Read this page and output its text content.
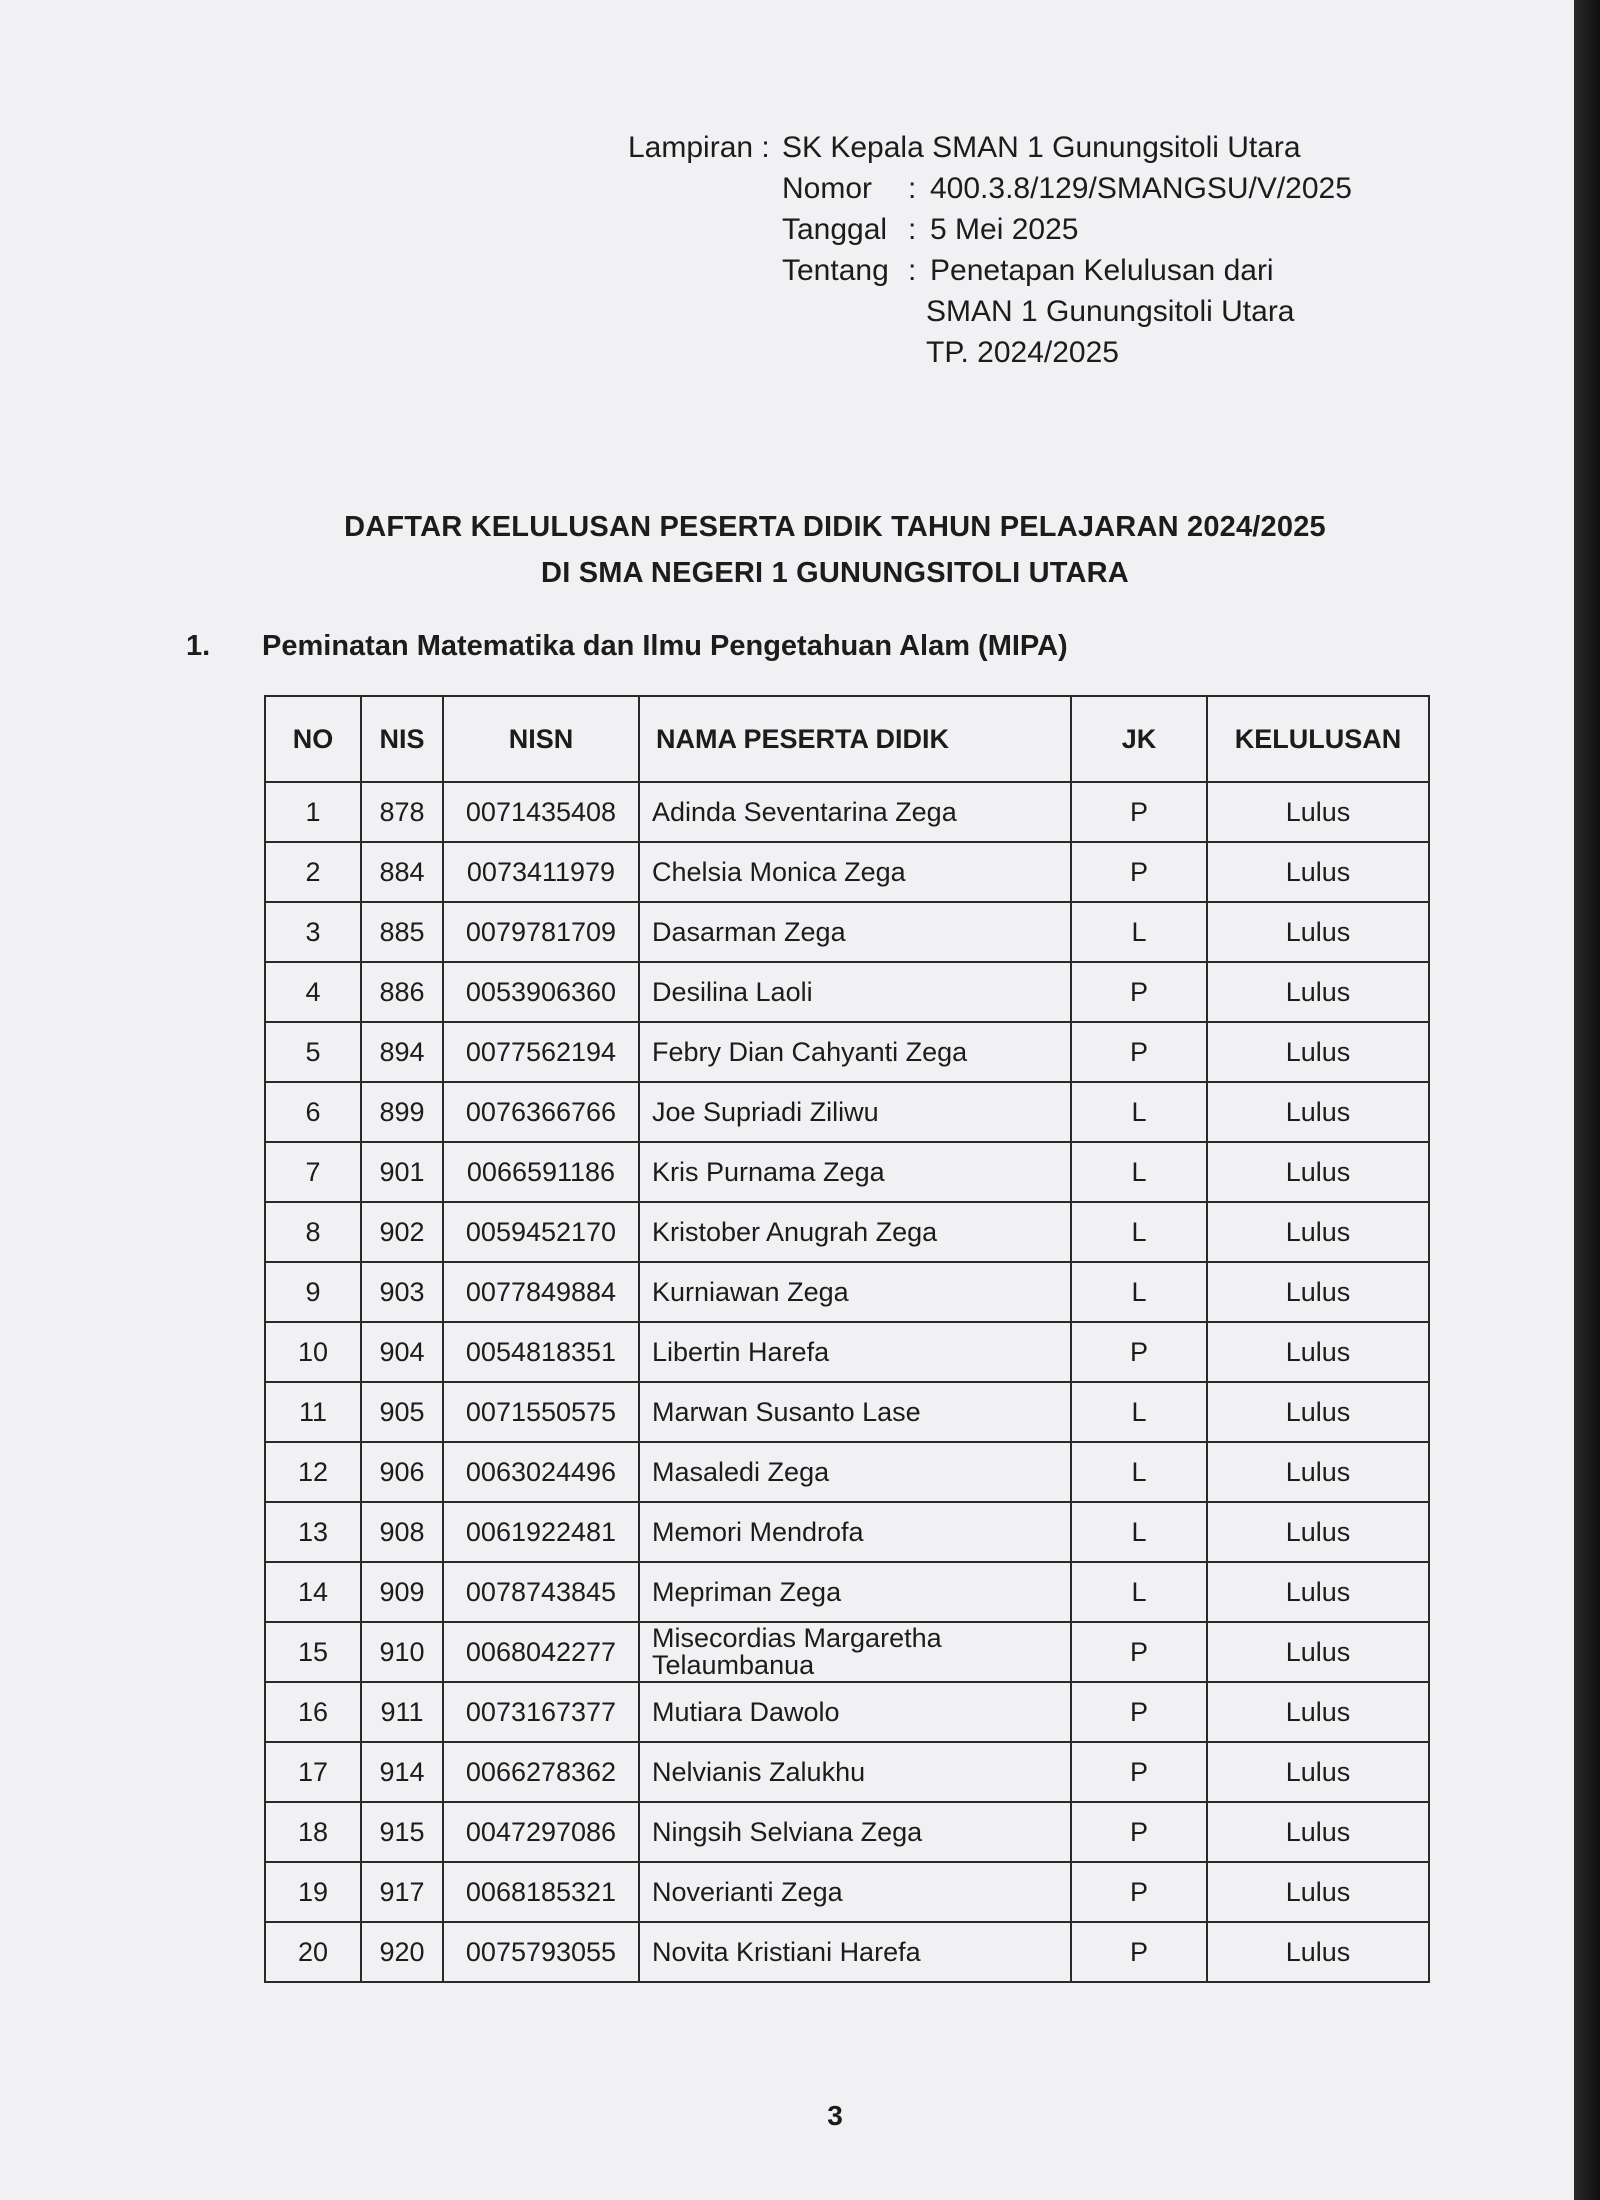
Lampiran : SK Kepala SMAN 1 Gunungsitoli Utara
Nomor	: 400.3.8/129/SMANGSU/V/2025
Tanggal : 5 Mei 2025
Tentang : Penetapan Kelulusan dari
SMAN 1 Gunungsitoli Utara
TP. 2024/2025
DAFTAR KELULUSAN PESERTA DIDIK TAHUN PELAJARAN 2024/2025
DI SMA NEGERI 1 GUNUNGSITOLI UTARA
1. Peminatan Matematika dan Ilmu Pengetahuan Alam (MIPA)
NO	NIS	NISN	NAMA PESERTA DIDIK	JK	KELULUSAN
1	878	0071435408	Adinda Seventarina Zega	P	Lulus
2	884	0073411979	Chelsia Monica Zega	P	Lulus
3	885	0079781709	Dasarman Zega	L	Lulus
4	886	0053906360	Desilina Laoli	P	Lulus
5	894	0077562194	Febry Dian Cahyanti Zega	P	Lulus
6	899	0076366766	Joe Supriadi Ziliwu	L	Lulus
7	901	0066591186	Kris Purnama Zega	L	Lulus
8	902	0059452170	Kristober Anugrah Zega	L	Lulus
9	903	0077849884	Kurniawan Zega	L	Lulus
10	904	0054818351	Libertin Harefa	P	Lulus
11	905	0071550575	Marwan Susanto Lase	L	Lulus
12	906	0063024496	Masaledi Zega	L	Lulus
13	908	0061922481	Memori Mendrofa	L	Lulus
14	909	0078743845	Mepriman Zega	L	Lulus
15	910	0068042277	Misecordias Margaretha Telaumbanua	P	Lulus
16	911	0073167377	Mutiara Dawolo	P	Lulus
17	914	0066278362	Nelvianis Zalukhu	P	Lulus
18	915	0047297086	Ningsih Selviana Zega	P	Lulus
19	917	0068185321	Noverianti Zega	P	Lulus
20	920	0075793055	Novita Kristiani Harefa	P	Lulus
3
